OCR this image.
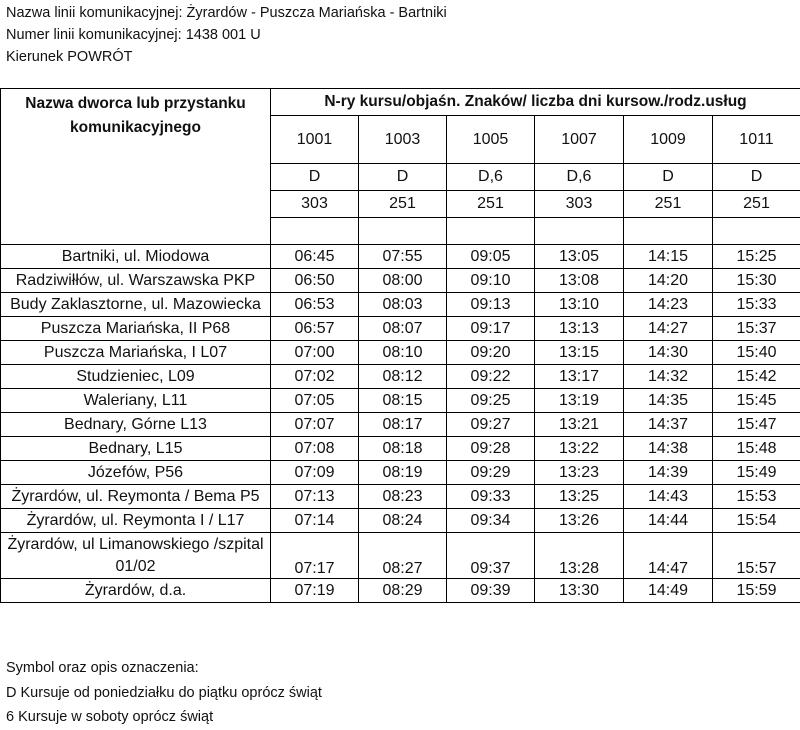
Nazwa linii komunikacyjnej: Żyrardów - Puszcza Mariańska - Bartniki
Numer linii komunikacyjnej: 1438 001 U
Kierunek POWRÓT
Nazwa dworca lub przystanku komunikacyjnego	N-ry kursu/objaśn. Znaków/ liczba dni kursow./rodz.usług					
	1001	1003	1005	1007	1009	1011
	D	D	D,6	D,6	D	D
	303	251	251	303	251	251

Bartniki, ul. Miodowa	06:45	07:55	09:05	13:05	14:15	15:25
Radziwiłłów, ul. Warszawska PKP	06:50	08:00	09:10	13:08	14:20	15:30
Budy Zaklasztorne, ul. Mazowiecka	06:53	08:03	09:13	13:10	14:23	15:33
Puszcza Mariańska, II P68	06:57	08:07	09:17	13:13	14:27	15:37
Puszcza Mariańska, I L07	07:00	08:10	09:20	13:15	14:30	15:40
Studzieniec, L09	07:02	08:12	09:22	13:17	14:32	15:42
Waleriany, L11	07:05	08:15	09:25	13:19	14:35	15:45
Bednary, Górne L13	07:07	08:17	09:27	13:21	14:37	15:47
Bednary, L15	07:08	08:18	09:28	13:22	14:38	15:48
Józefów, P56	07:09	08:19	09:29	13:23	14:39	15:49
Żyrardów, ul. Reymonta / Bema P5	07:13	08:23	09:33	13:25	14:43	15:53
Żyrardów, ul. Reymonta I / L17	07:14	08:24	09:34	13:26	14:44	15:54
Żyrardów, ul Limanowskiego /szpital 01/02	07:17	08:27	09:37	13:28	14:47	15:57
Żyrardów, d.a.	07:19	08:29	09:39	13:30	14:49	15:59
Symbol oraz opis oznaczenia:
D Kursuje od poniedziałku do piątku oprócz świąt
6 Kursuje w soboty oprócz świąt
